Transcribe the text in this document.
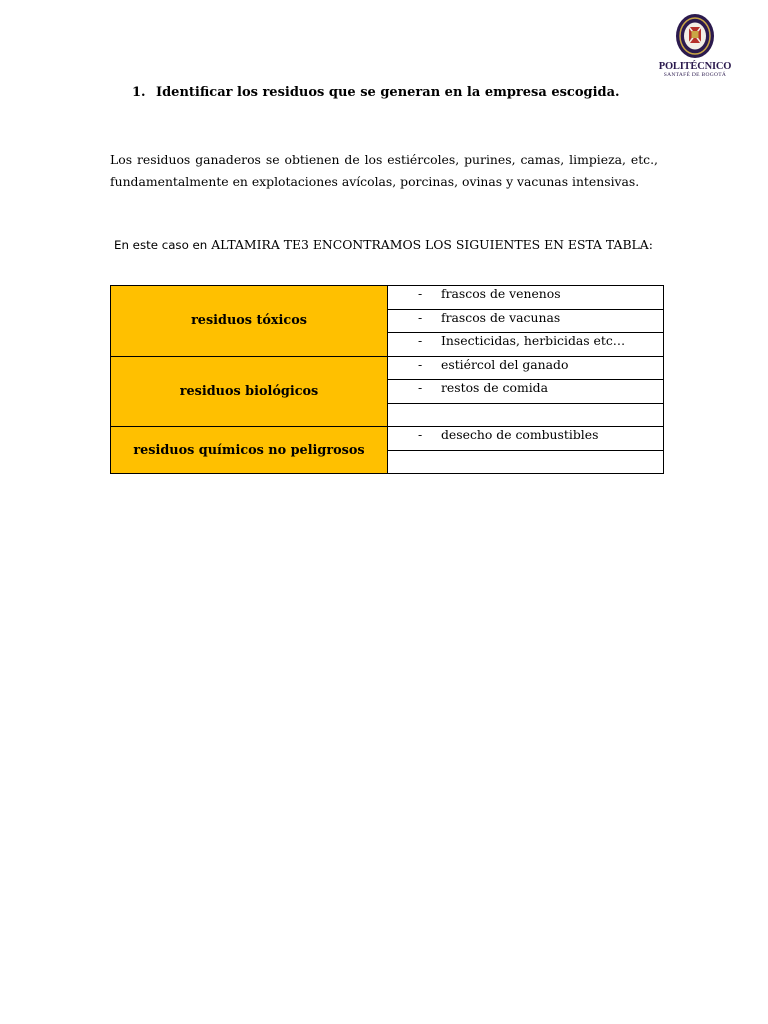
POLITÉCNICO
SANTAFÉ DE BOGOTÁ
1. Identificar los residuos que se generan en la empresa escogida.
Los residuos ganaderos se obtienen de los estiércoles, purines, camas, limpieza, etc., fundamentalmente en explotaciones avícolas, porcinas, ovinas y vacunas intensivas.
En este caso en ALTAMIRA TE3 ENCONTRAMOS LOS SIGUIENTES EN ESTA TABLA:
residuos tóxicos	- frascos de venenos
	- frascos de vacunas
	- Insecticidas, herbicidas etc…
residuos biológicos	- estiércol del ganado
	- restos de comida

residuos químicos no peligrosos	- desecho de combustibles
